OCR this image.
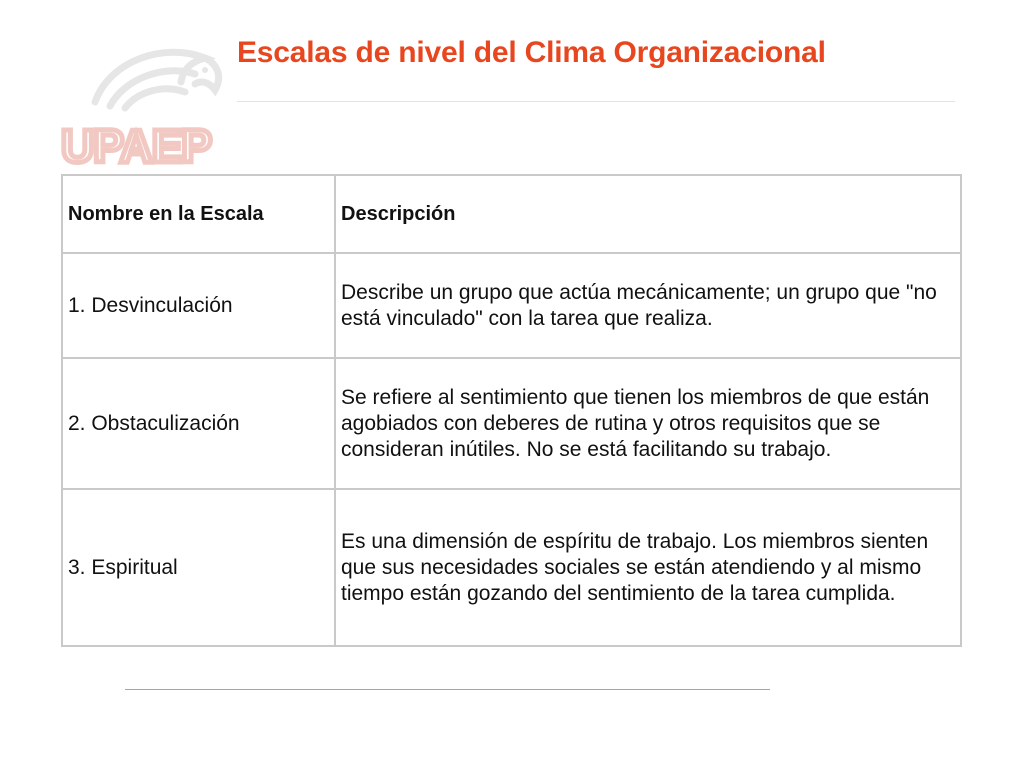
UPAEP
Escalas de nivel del Clima Organizacional
Nombre en la Escala	Descripción
1. Desvinculación	Describe un grupo que actúa mecánicamente; un grupo que "no está vinculado" con la tarea que realiza.
2. Obstaculización	Se refiere al sentimiento que tienen los miembros de que están agobiados con deberes de rutina y otros requisitos que se consideran inútiles. No se está facilitando su trabajo.
3. Espiritual	Es una dimensión de espíritu de trabajo. Los miembros sienten que sus necesidades sociales se están atendiendo y al mismo tiempo están gozando del sentimiento de la tarea cumplida.
